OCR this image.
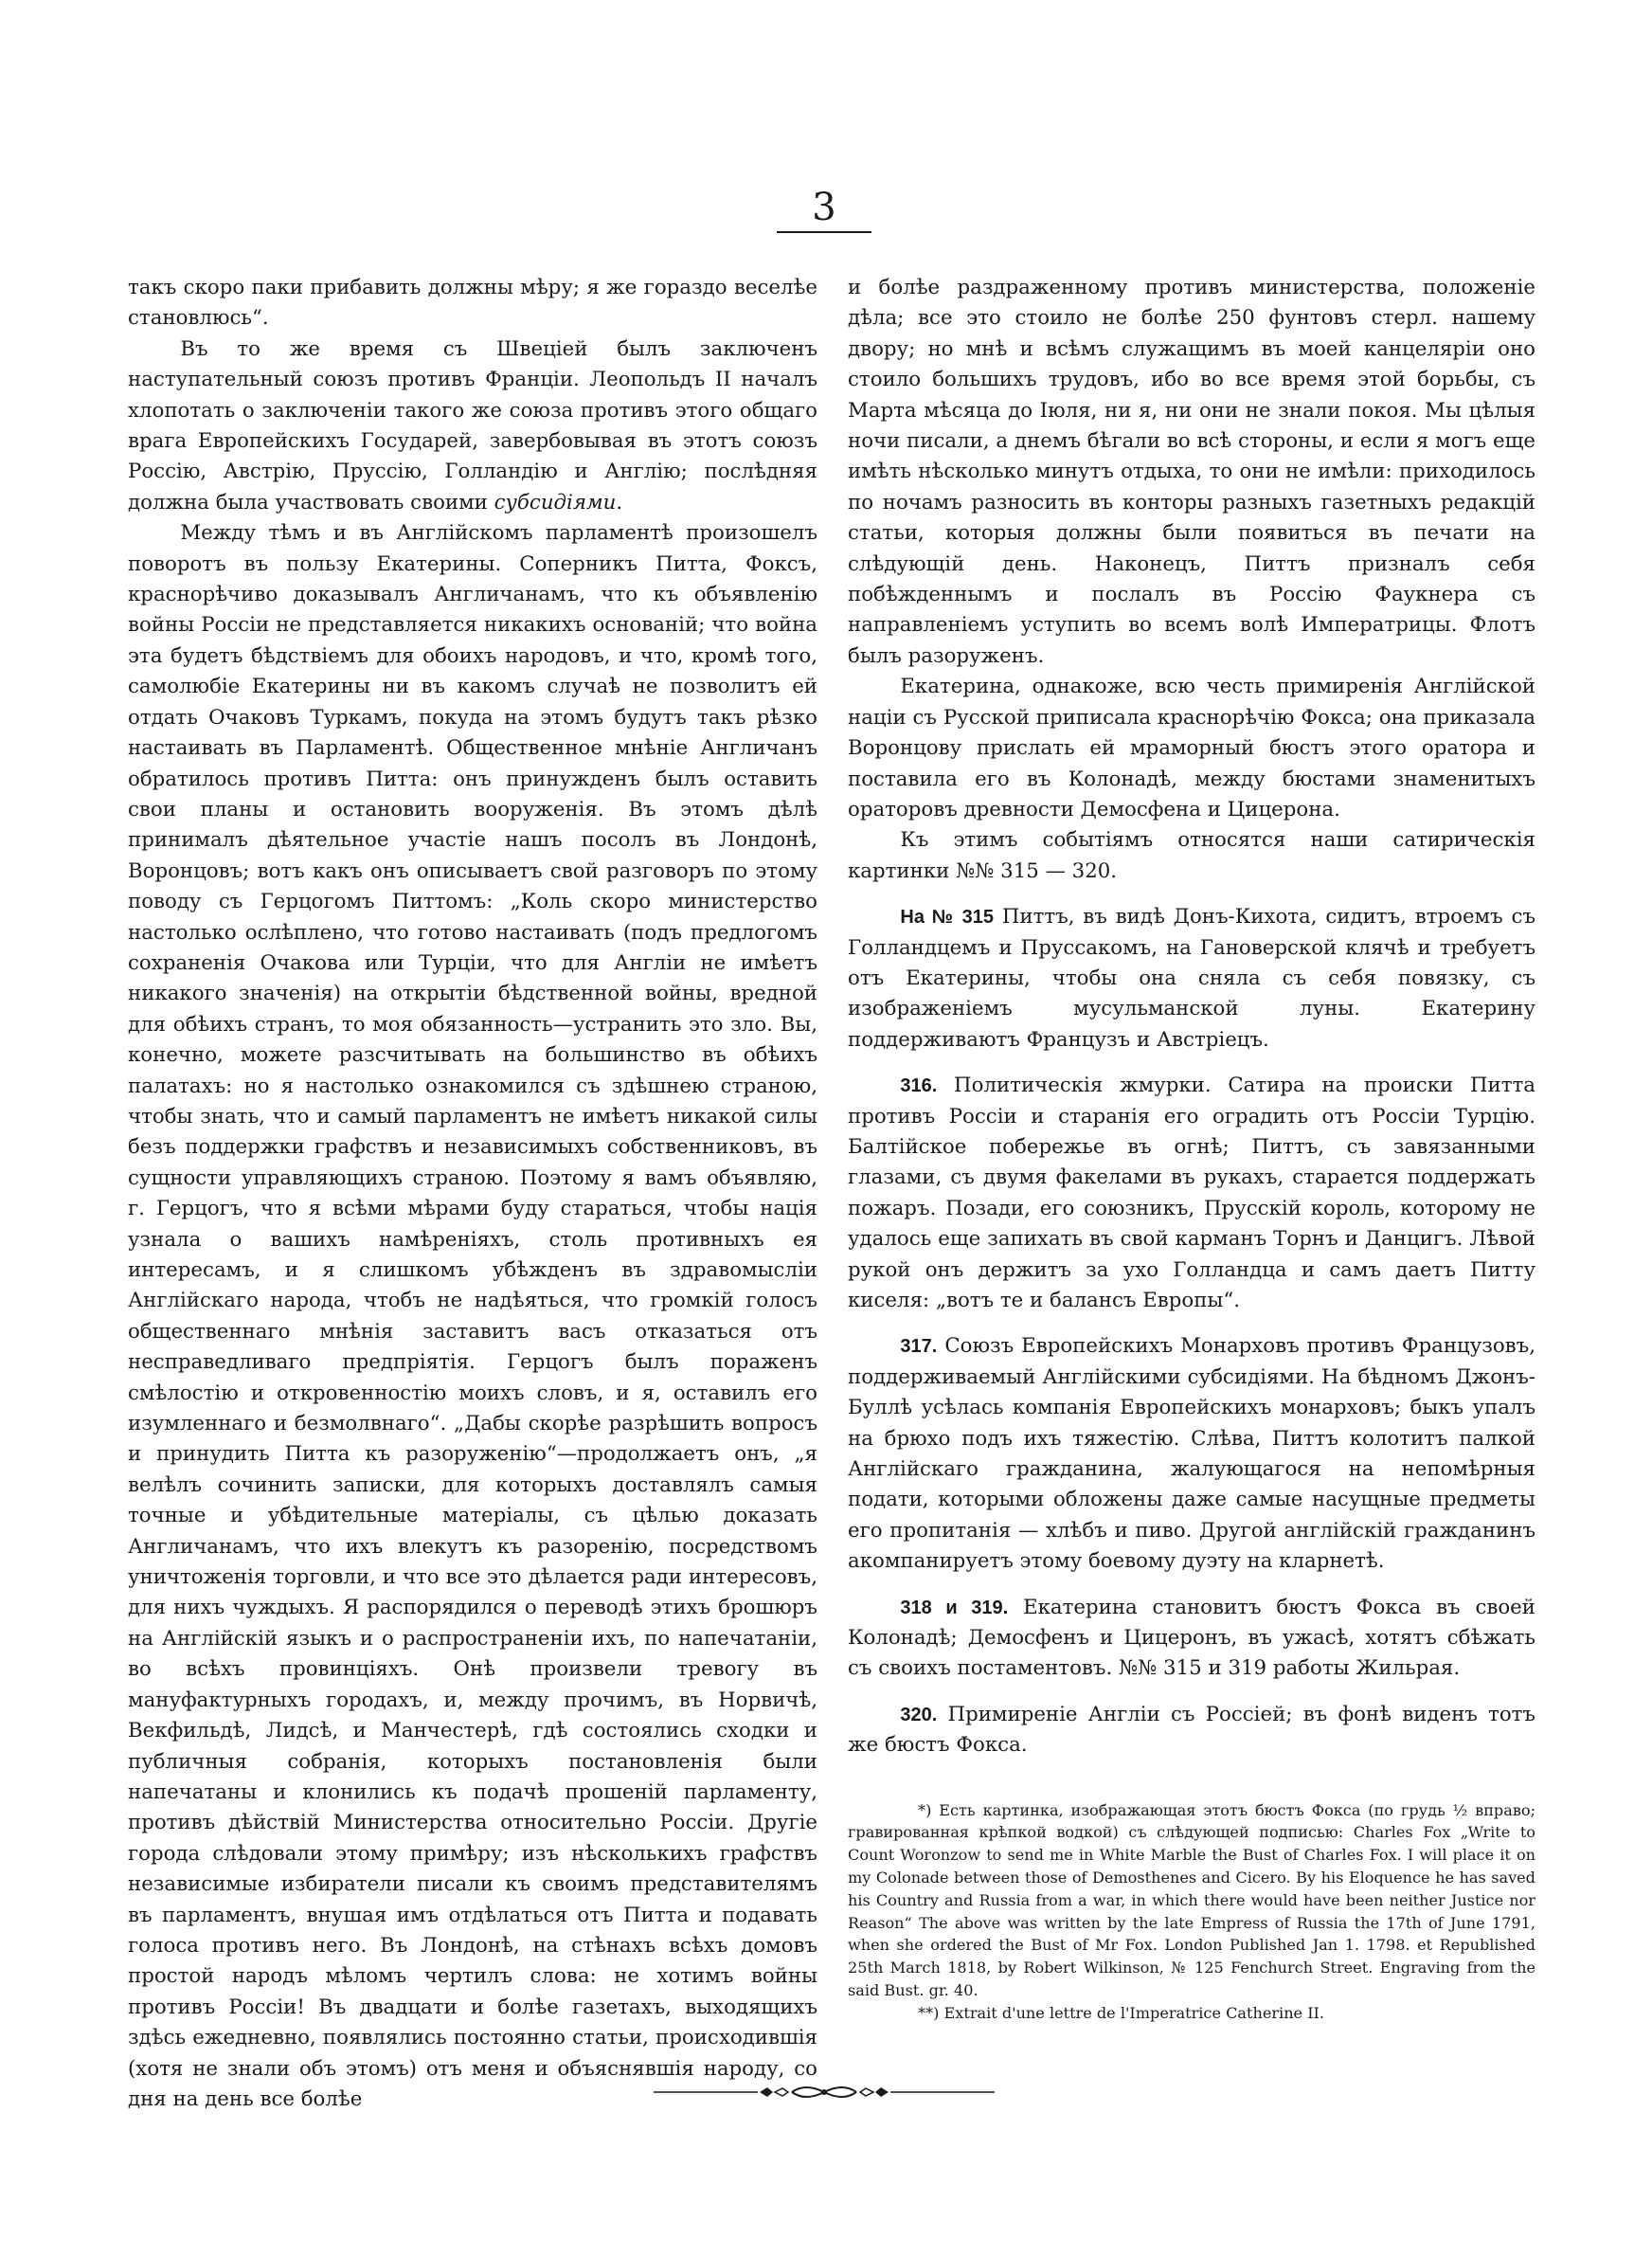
3

такъ скоро паки прибавить должны мѣру; я же гораздо веселѣе становлюсь“.

Въ то же время съ Швеціей былъ заключенъ наступательный союзъ противъ Франціи. Леопольдъ II началъ хлопотать о заключеніи такого же союза противъ этого общаго врага Европейскихъ Государей, завербовывая въ этотъ союзъ Россію, Австрію, Пруссію, Голландію и Англію; послѣдняя должна была участвовать своими субсидіями.

Между тѣмъ и въ Англійскомъ парламентѣ произошелъ поворотъ въ пользу Екатерины. Соперникъ Питта, Фоксъ, краснорѣчиво доказывалъ Англичанамъ, что къ объявленію войны Россіи не представляется никакихъ основаній; что война эта будетъ бѣдствіемъ для обоихъ народовъ, и что, кромѣ того, самолюбіе Екатерины ни въ какомъ случаѣ не позволитъ ей отдать Очаковъ Туркамъ, покуда на этомъ будутъ такъ рѣзко настаивать въ Парламентѣ. Общественное мнѣніе Англичанъ обратилось противъ Питта: онъ принужденъ былъ оставить свои планы и остановить вооруженія. Въ этомъ дѣлѣ принималъ дѣятельное участіе нашъ посолъ въ Лондонѣ, Воронцовъ; вотъ какъ онъ описываетъ свой разговоръ по этому поводу съ Герцогомъ Питтомъ: „Коль скоро министерство настолько ослѣплено, что готово настаивать (подъ предлогомъ сохраненія Очакова или Турціи, что для Англіи не имѣетъ никакого значенія) на открытіи бѣдственной войны, вредной для обѣихъ странъ, то моя обязанность—устранить это зло. Вы, конечно, можете разсчитывать на большинство въ обѣихъ палатахъ: но я настолько ознакомился съ здѣшнею страною, чтобы знать, что и самый парламентъ не имѣетъ никакой силы безъ поддержки графствъ и независимыхъ собственниковъ, въ сущности управляющихъ страною. Поэтому я вамъ объявляю, г. Герцогъ, что я всѣми мѣрами буду стараться, чтобы нація узнала о вашихъ намѣреніяхъ, столь противныхъ ея интересамъ, и я слишкомъ убѣжденъ въ здравомысліи Англійскаго народа, чтобъ не надѣяться, что громкій голосъ общественнаго мнѣнія заставитъ васъ отказаться отъ несправедливаго предпріятія. Герцогъ былъ пораженъ смѣлостію и откровенностію моихъ словъ, и я, оставилъ его изумленнаго и безмолвнаго“. „Дабы скорѣе разрѣшить вопросъ и принудить Питта къ разоруженію“—продолжаетъ онъ, „я велѣлъ сочинить записки, для которыхъ доставлялъ самыя точные и убѣдительные матеріалы, съ цѣлью доказать Англичанамъ, что ихъ влекутъ къ разоренію, посредствомъ уничтоженія торговли, и что все это дѣлается ради интересовъ, для нихъ чуждыхъ. Я распорядился о переводѣ этихъ брошюръ на Англійскій языкъ и о распространеніи ихъ, по напечатаніи, во всѣхъ провинціяхъ. Онѣ произвели тревогу въ мануфактурныхъ городахъ, и, между прочимъ, въ Норвичѣ, Векфильдѣ, Лидсѣ, и Манчестерѣ, гдѣ состоялись сходки и публичныя собранія, которыхъ постановленія были напечатаны и клонились къ подачѣ прошеній парламенту, противъ дѣйствій Министерства относительно Россіи. Другіе города слѣдовали этому примѣру; изъ нѣсколькихъ графствъ независимые избиратели писали къ своимъ представителямъ въ парламентъ, внушая имъ отдѣлаться отъ Питта и подавать голоса противъ него. Въ Лондонѣ, на стѣнахъ всѣхъ домовъ простой народъ мѣломъ чертилъ слова: не хотимъ войны противъ Россіи! Въ двадцати и болѣе газетахъ, выходящихъ здѣсь ежедневно, появлялись постоянно статьи, происходившія (хотя не знали объ этомъ) отъ меня и объяснявшія народу, со дня на день все болѣе

и болѣе раздраженному противъ министерства, положеніе дѣла; все это стоило не болѣе 250 фунтовъ стерл. нашему двору; но мнѣ и всѣмъ служащимъ въ моей канцеляріи оно стоило большихъ трудовъ, ибо во все время этой борьбы, съ Марта мѣсяца до Іюля, ни я, ни они не знали покоя. Мы цѣлыя ночи писали, а днемъ бѣгали во всѣ стороны, и если я могъ еще имѣть нѣсколько минутъ отдыха, то они не имѣли: приходилось по ночамъ разносить въ конторы разныхъ газетныхъ редакцій статьи, которыя должны были появиться въ печати на слѣдующій день. Наконецъ, Питтъ призналъ себя побѣжденнымъ и послалъ въ Россію Фаукнера съ направленіемъ уступить во всемъ волѣ Императрицы. Флотъ былъ разоруженъ.

Екатерина, однакоже, всю честь примиренія Англійской націи съ Русской приписала краснорѣчію Фокса; она приказала Воронцову прислать ей мраморный бюстъ этого оратора и поставила его въ Колонадѣ, между бюстами знаменитыхъ ораторовъ древности Демосфена и Цицерона.

Къ этимъ событіямъ относятся наши сатирическія картинки №№ 315 — 320.

На № 315 Питтъ, въ видѣ Донъ-Кихота, сидитъ, втроемъ съ Голландцемъ и Пруссакомъ, на Гановерской клячѣ и требуетъ отъ Екатерины, чтобы она сняла съ себя повязку, съ изображеніемъ мусульманской луны. Екатерину поддерживаютъ Французъ и Австріецъ.

316. Политическія жмурки. Сатира на происки Питта противъ Россіи и старанія его оградить отъ Россіи Турцію. Балтійское побережье въ огнѣ; Питтъ, съ завязанными глазами, съ двумя факелами въ рукахъ, старается поддержать пожаръ. Позади, его союзникъ, Прусскій король, которому не удалось еще запихать въ свой карманъ Торнъ и Данцигъ. Лѣвой рукой онъ держитъ за ухо Голландца и самъ даетъ Питту киселя: „вотъ те и балансъ Европы“.

317. Союзъ Европейскихъ Монарховъ противъ Французовъ, поддерживаемый Англійскими субсидіями. На бѣдномъ Джонъ-Буллѣ усѣлась компанія Европейскихъ монарховъ; быкъ упалъ на брюхо подъ ихъ тяжестію. Слѣва, Питтъ колотитъ палкой Англійскаго гражданина, жалующагося на непомѣрныя подати, которыми обложены даже самые насущные предметы его пропитанія — хлѣбъ и пиво. Другой англійскій гражданинъ акомпанируетъ этому боевому дуэту на кларнетѣ.

318 и 319. Екатерина становитъ бюстъ Фокса въ своей Колонадѣ; Демосфенъ и Цицеронъ, въ ужасѣ, хотятъ сбѣжать съ своихъ постаментовъ. №№ 315 и 319 работы Жильрая.

320. Примиреніе Англіи съ Россіей; въ фонѣ виденъ тотъ же бюстъ Фокса.

*) Есть картинка, изображающая этотъ бюстъ Фокса (по грудь ½ вправо; гравированная крѣпкой водкой) съ слѣдующей подписью: Charles Fox „Write to Count Woronzow to send me in White Marble the Bust of Charles Fox. I will place it on my Colonade between those of Demosthenes and Cicero. By his Eloquence he has saved his Country and Russia from a war, in which there would have been neither Justice nor Reason“ The above was written by the late Empress of Russia the 17th of June 1791, when she ordered the Bust of Mr Fox. London Published Jan 1. 1798. et Republished 25th March 1818, by Robert Wilkinson, № 125 Fenchurch Street. Engraving from the said Bust. gr. 40.

**) Extrait d'une lettre de l'Imperatrice Catherine II.
